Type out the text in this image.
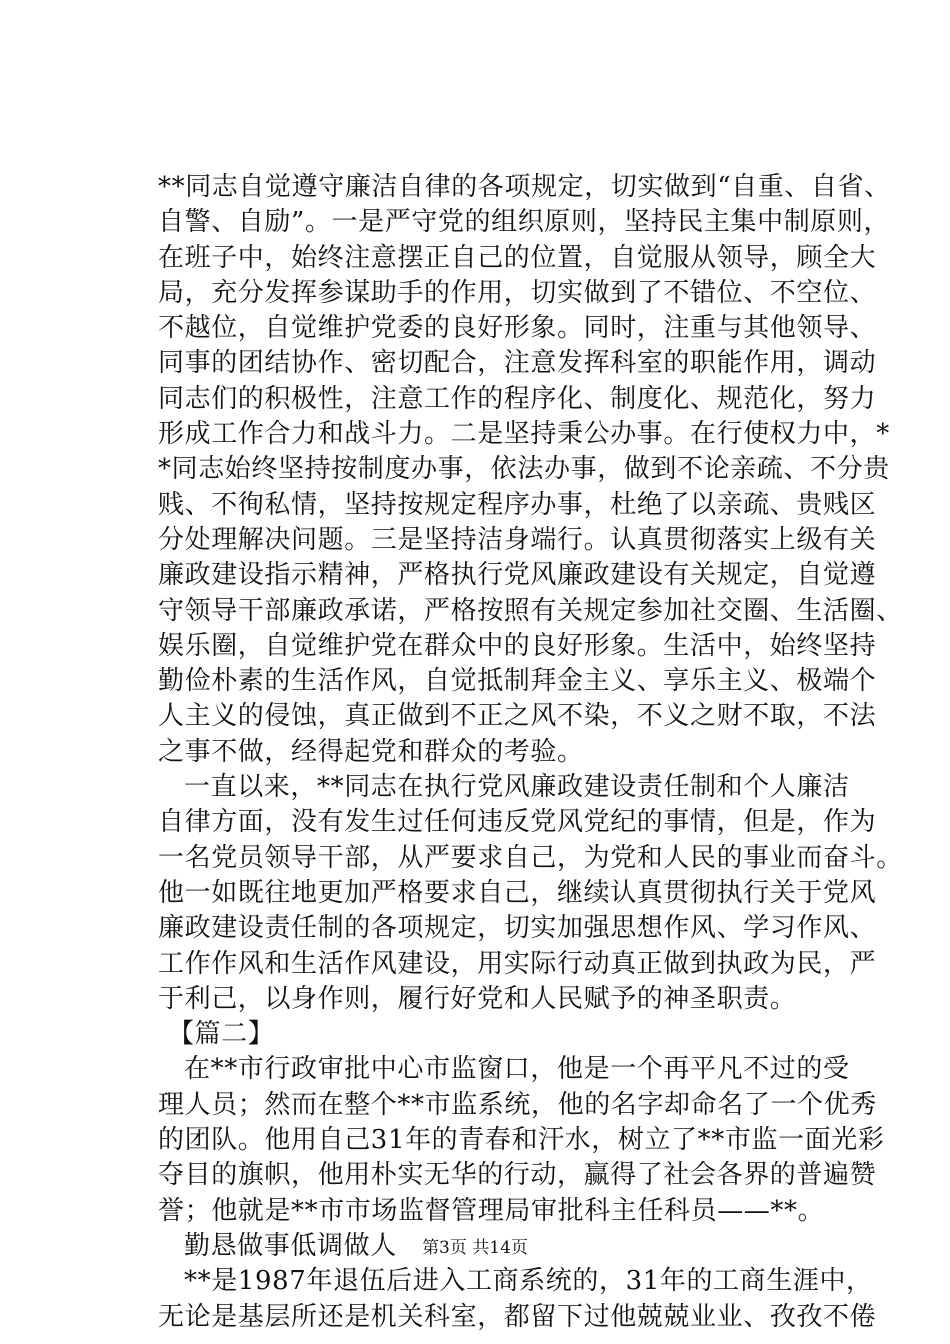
**同志自觉遵守廉洁自律的各项规定，切实做到“自重、自省、
自警、自励”。一是严守党的组织原则，坚持民主集中制原则，
在班子中，始终注意摆正自己的位置，自觉服从领导，顾全大
局，充分发挥参谋助手的作用，切实做到了不错位、不空位、
不越位，自觉维护党委的良好形象。同时，注重与其他领导、
同事的团结协作、密切配合，注意发挥科室的职能作用，调动
同志们的积极性，注意工作的程序化、制度化、规范化，努力
形成工作合力和战斗力。二是坚持秉公办事。在行使权力中，*
*同志始终坚持按制度办事，依法办事，做到不论亲疏、不分贵
贱、不徇私情，坚持按规定程序办事，杜绝了以亲疏、贵贱区
分处理解决问题。三是坚持洁身端行。认真贯彻落实上级有关
廉政建设指示精神，严格执行党风廉政建设有关规定，自觉遵
守领导干部廉政承诺，严格按照有关规定参加社交圈、生活圈、
娱乐圈，自觉维护党在群众中的良好形象。生活中，始终坚持
勤俭朴素的生活作风，自觉抵制拜金主义、享乐主义、极端个
人主义的侵蚀，真正做到不正之风不染，不义之财不取，不法
之事不做，经得起党和群众的考验。
一直以来，**同志在执行党风廉政建设责任制和个人廉洁
自律方面，没有发生过任何违反党风党纪的事情，但是，作为
一名党员领导干部，从严要求自己，为党和人民的事业而奋斗。
他一如既往地更加严格要求自己，继续认真贯彻执行关于党风
廉政建设责任制的各项规定，切实加强思想作风、学习作风、
工作作风和生活作风建设，用实际行动真正做到执政为民，严
于利己，以身作则，履行好党和人民赋予的神圣职责。
【篇二】
在**市行政审批中心市监窗口，他是一个再平凡不过的受
理人员；然而在整个**市监系统，他的名字却命名了一个优秀
的团队。他用自己31年的青春和汗水，树立了**市监一面光彩
夺目的旗帜，他用朴实无华的行动，赢得了社会各界的普遍赞
誉；他就是**市市场监督管理局审批科主任科员——**。
勤恳做事低调做人
**是1987年退伍后进入工商系统的，31年的工商生涯中，
无论是基层所还是机关科室，都留下过他兢兢业业、孜孜不倦
第3页 共14页
